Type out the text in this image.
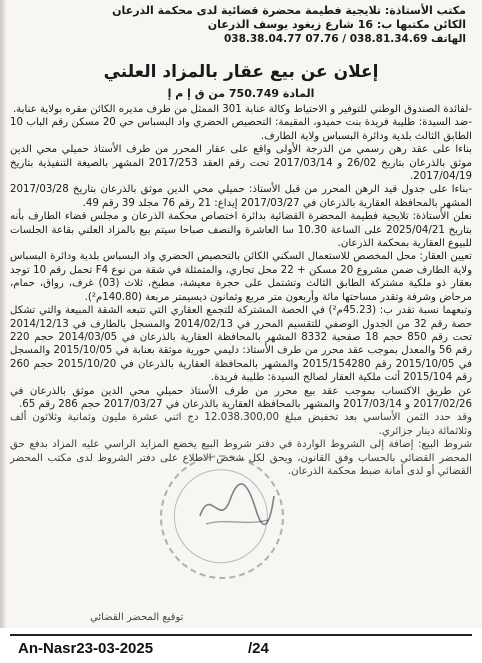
مكتب الأستاذة: تلايجية فطيمة محضرة قضائية لدى محكمة الذرعان
الكائن مكتبها ب: 16 شارع زيغود يوسف الذرعان
الهاتف 038.81.34.69 / 07.76 038.38.04.77
إعلان عن بيع عقار بالمزاد العلني
المادة 750.749 من ق إ م إ

-لفائدة الصندوق الوطني للتوفير و الاحتياط وكالة عنابة 301 الممثل من طرف مديره الكائن مقره بولاية عنابة.

-ضد السيدة: طليبة فريدة بنت حميدو، المقيمة: التحصيص الحضري واد البسباس حي 20 مسكن رقم الباب 10 الطابق الثالث بلدية ودائرة البسباس ولاية الطارف.

بناءا على عقد رهن رسمي من الدرجة الأولى واقع على عقار المحرر من طرف الأستاذ حميلي محي الدين موثق بالذرعان بتاريخ 26/02 و 2017/03/14 تحت رقم العقد 2017/253 المشهر بالصيغة التنفيذية بتاريخ 2017/04/19.

-بناءا على جدول قيد الرهن المحرر من قبل الأستاذ: حميلي محي الدين موثق بالذرعان بتاريخ 2017/03/28 المشهر بالمحافظة العقارية بالذرعان في 2017/03/27 إيداع: 21 رقم 76 مجلد 39 رقم 49.

نعلن الأستاذة: تلايجية فطيمة المحضرة القضائية بدائرة اختصاص محكمة الذرعان و مجلس قضاء الطارف بأنه بتاريخ 2025/04/21 على الساعة 10.30 سا العاشرة والنصف صباحا سيتم بيع بالمزاد العلني بقاعة الجلسات للبيوع العقارية بمحكمة الذرعان.

تعيين العقار: محل المخصص للاستعمال السكني الكائن بالتحصيص الحضري واد البسباس بلدية ودائرة البسباس ولاية الطارف ضمن مشروع 20 مسكن + 22 محل تجاري، والمتمثلة في شقة من نوع F4 تحمل رقم 10 توجد بعقار ذو ملكية مشتركة الطابق الثالث وتشتمل على حجرة معيشة، مطبخ، ثلاث (03) غرف، رواق، حمام، مرحاض وشرفة وتقدر مساحتها مائة وأربعون متر مربع وثمانون ديسيمتر مربعة (140.80م²).

وتبعهما نسبة تقدر ب: (45.23م²) في الحصة المشتركة للتجمع العقاري التي تتبعه الشقة المبيعة والتي تشكل حصة رقم 32 من الجدول الوصفي للتقسيم المحرر في 2014/02/13 والمسجل بالطارف في 2014/12/13 تحت رقم 850 حجم 18 صفحية 8332 المشهر بالمحافظة العقارية بالذرعان في 2014/03/05 حجم 220 رقم 56 والمعدل بموجب عقد محرر من طرف الأستاذ: دليمي حورية موثقة بعنابة في 2015/10/05 والمسجل في 2015/10/05 رقم 2015/154280 والمشهر بالمحافظة العقارية بالذرعان في 2015/10/20 حجم 260 رقم 2015/104 أثت ملكية العقار لصالح السيدة: طليبة فريدة.

عن طريق الاكتساب بموجب عقد بيع محرر من طرف الأستاذ حميلي محي الدين موثق بالذرعان في 2017/02/26 و 2017/03/14 والمشهر بالمحافظة العقارية بالذرعان في 2017/03/27 حجم 286 رقم 65.

وقد حدد الثمن الأساسي بعد تخفيض مبلغ 12.038.300,00 دج اثني عشرة مليون وثمانية وثلاثون ألف وثلاثمائة دينار جزائري.

شروط البيع: إضافة إلى الشروط الواردة في دفتر شروط البيع يخضع المزايد الراسي عليه المزاد بدفع حق المحضر القضائي بالحساب وفق القانون، ويحق لكل شخص الاطلاع على دفتر الشروط لدى مكتب المحضر القضائي أو لدى أمانة ضبط محكمة الذرعان.

توقيع المحضر القضائي
An-Nasr23-03-2025	/24
